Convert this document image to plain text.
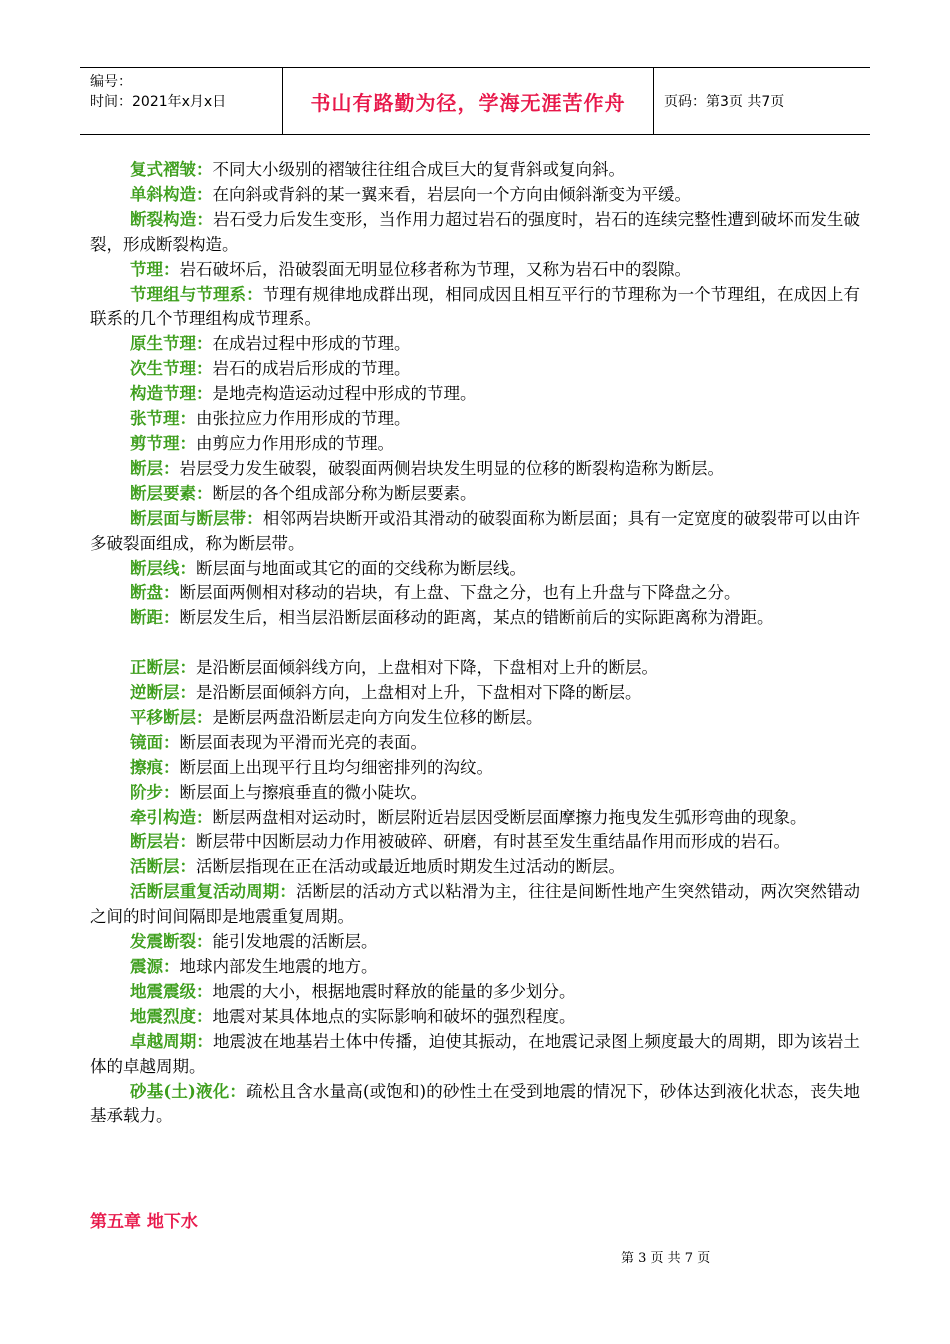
编号：
时间：2021年x月x日	书山有路勤为径，学海无涯苦作舟	页码：第3页 共7页

复式褶皱：不同大小级别的褶皱往往组合成巨大的复背斜或复向斜。

单斜构造：在向斜或背斜的某一翼来看，岩层向一个方向由倾斜渐变为平缓。

断裂构造：岩石受力后发生变形，当作用力超过岩石的强度时，岩石的连续完整性遭到破坏而发生破裂，形成断裂构造。

节理：岩石破坏后，沿破裂面无明显位移者称为节理，又称为岩石中的裂隙。

节理组与节理系：节理有规律地成群出现，相同成因且相互平行的节理称为一个节理组，在成因上有联系的几个节理组构成节理系。

原生节理：在成岩过程中形成的节理。

次生节理：岩石的成岩后形成的节理。

构造节理：是地壳构造运动过程中形成的节理。

张节理：由张拉应力作用形成的节理。

剪节理：由剪应力作用形成的节理。

断层：岩层受力发生破裂，破裂面两侧岩块发生明显的位移的断裂构造称为断层。

断层要素：断层的各个组成部分称为断层要素。

断层面与断层带：相邻两岩块断开或沿其滑动的破裂面称为断层面；具有一定宽度的破裂带可以由许多破裂面组成，称为断层带。

断层线：断层面与地面或其它的面的交线称为断层线。

断盘：断层面两侧相对移动的岩块，有上盘、下盘之分，也有上升盘与下降盘之分。

断距：断层发生后，相当层沿断层面移动的距离，某点的错断前后的实际距离称为滑距。

正断层：是沿断层面倾斜线方向，上盘相对下降，下盘相对上升的断层。

逆断层：是沿断层面倾斜方向，上盘相对上升，下盘相对下降的断层。

平移断层：是断层两盘沿断层走向方向发生位移的断层。

镜面：断层面表现为平滑而光亮的表面。

擦痕：断层面上出现平行且均匀细密排列的沟纹。

阶步：断层面上与擦痕垂直的微小陡坎。

牵引构造：断层两盘相对运动时，断层附近岩层因受断层面摩擦力拖曳发生弧形弯曲的现象。

断层岩：断层带中因断层动力作用被破碎、研磨，有时甚至发生重结晶作用而形成的岩石。

活断层：活断层指现在正在活动或最近地质时期发生过活动的断层。

活断层重复活动周期：活断层的活动方式以粘滑为主，往往是间断性地产生突然错动，两次突然错动之间的时间间隔即是地震重复周期。

发震断裂：能引发地震的活断层。

震源：地球内部发生地震的地方。

地震震级：地震的大小，根据地震时释放的能量的多少划分。

地震烈度：地震对某具体地点的实际影响和破坏的强烈程度。

卓越周期：地震波在地基岩土体中传播，迫使其振动，在地震记录图上频度最大的周期，即为该岩土体的卓越周期。

砂基(土)液化：疏松且含水量高(或饱和)的砂性土在受到地震的情况下，砂体达到液化状态，丧失地基承载力。

第五章 地下水
第 3 页 共 7 页
